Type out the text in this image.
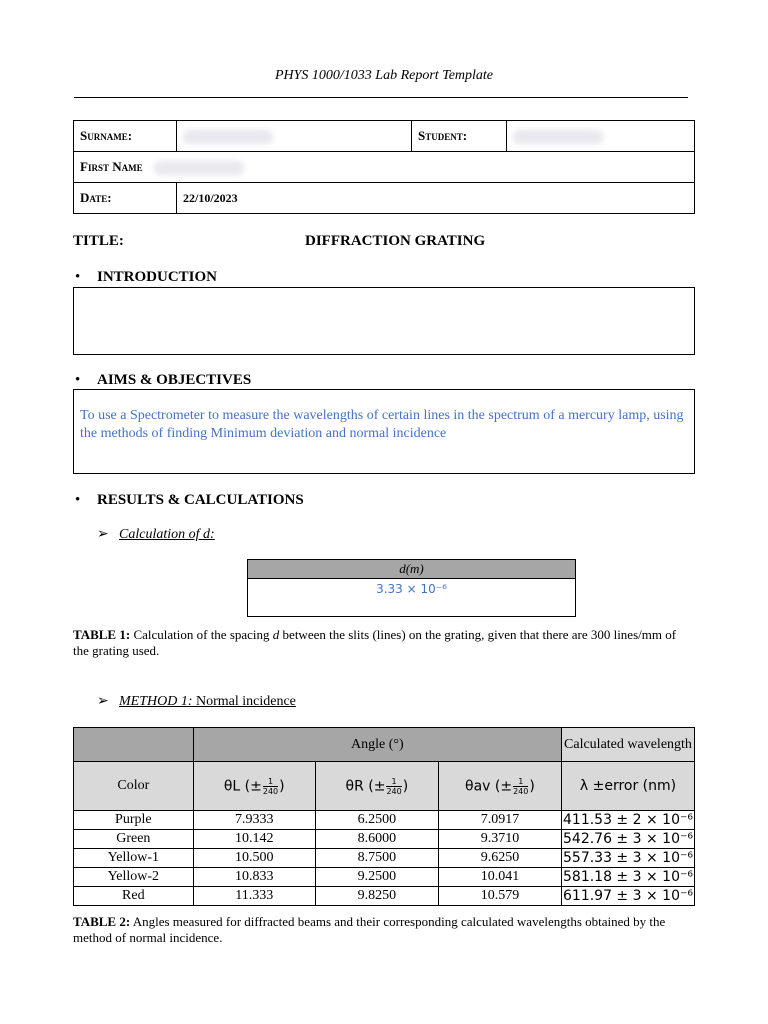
PHYS 1000/1033 Lab Report Template
Surname:		Student:	
First Name			
Date:	22/10/2023		
TITLE:	DIFFRACTION GRATING
• INTRODUCTION
• AIMS & OBJECTIVES
To use a Spectrometer to measure the wavelengths of certain lines in the spectrum of a mercury lamp, using the methods of finding Minimum deviation and normal incidence
• RESULTS & CALCULATIONS
➢ Calculation of d:
d(m)
3.33 × 10⁻⁶
TABLE 1: Calculation of the spacing d between the slits (lines) on the grating, given that there are 300 lines/mm of the grating used.
➢ METHOD 1: Normal incidence
	Angle (°)			Calculated wavelength
Color	θL (± $\frac{1}{240}$ )	θR (± $\frac{1}{240}$ )	θav (± $\frac{1}{240}$ )	λ ±error (nm)
Purple	7.9333	6.2500	7.0917	411.53 ± 2 × 10⁻⁶
Green	10.142	8.6000	9.3710	542.76 ± 3 × 10⁻⁶
Yellow-1	10.500	8.7500	9.6250	557.33 ± 3 × 10⁻⁶
Yellow-2	10.833	9.2500	10.041	581.18 ± 3 × 10⁻⁶
Red	11.333	9.8250	10.579	611.97 ± 3 × 10⁻⁶
TABLE 2: Angles measured for diffracted beams and their corresponding calculated wavelengths obtained by the method of normal incidence.
